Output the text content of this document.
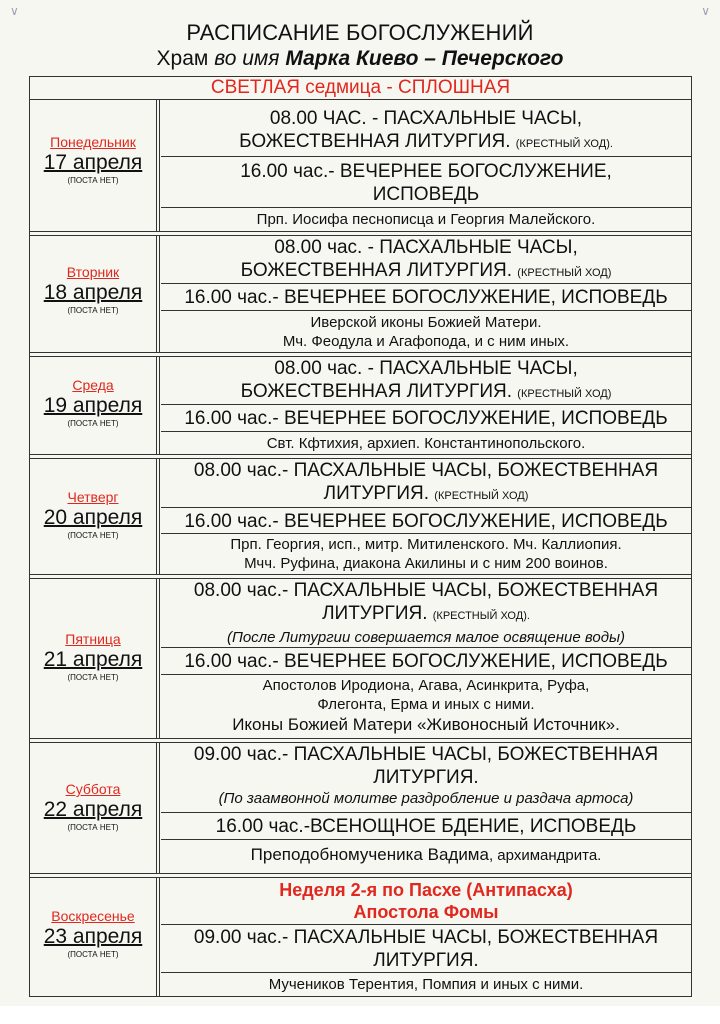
∨	∨
РАСПИСАНИЕ БОГОСЛУЖЕНИЙ
Храм во имя Марка Киево – Печерского
СВЕТЛАЯ седмица - СПЛОШНАЯ
Понедельник
17 апреля
(ПОСТА НЕТ)
08.00 ЧАС. - ПАСХАЛЬНЫЕ ЧАСЫ,
БОЖЕСТВЕННАЯ ЛИТУРГИЯ. (КРЕСТНЫЙ ХОД).
16.00 час.- ВЕЧЕРНЕЕ БОГОСЛУЖЕНИЕ,
ИСПОВЕДЬ
Прп. Иосифа песнописца и Георгия Малейского.
Вторник
18 апреля
(ПОСТА НЕТ)
08.00 час. - ПАСХАЛЬНЫЕ ЧАСЫ,
БОЖЕСТВЕННАЯ ЛИТУРГИЯ. (КРЕСТНЫЙ ХОД)
16.00 час.- ВЕЧЕРНЕЕ БОГОСЛУЖЕНИЕ, ИСПОВЕДЬ
Иверской иконы Божией Матери.
Мч. Феодула и Агафопода, и с ним иных.
Среда
19 апреля
(ПОСТА НЕТ)
08.00 час. - ПАСХАЛЬНЫЕ ЧАСЫ,
БОЖЕСТВЕННАЯ ЛИТУРГИЯ. (КРЕСТНЫЙ ХОД)
16.00 час.- ВЕЧЕРНЕЕ БОГОСЛУЖЕНИЕ, ИСПОВЕДЬ
Свт. Кфтихия, архиеп. Константинопольского.
Четверг
20 апреля
(ПОСТА НЕТ)
08.00 час.- ПАСХАЛЬНЫЕ ЧАСЫ, БОЖЕСТВЕННАЯ
ЛИТУРГИЯ. (КРЕСТНЫЙ ХОД)
16.00 час.- ВЕЧЕРНЕЕ БОГОСЛУЖЕНИЕ, ИСПОВЕДЬ
Прп. Георгия, исп., митр. Митиленского. Мч. Каллиопия.
Мчч. Руфина, диакона Акилины и с ним 200 воинов.
Пятница
21 апреля
(ПОСТА НЕТ)
08.00 час.- ПАСХАЛЬНЫЕ ЧАСЫ, БОЖЕСТВЕННАЯ
ЛИТУРГИЯ. (КРЕСТНЫЙ ХОД).
(После Литургии совершается малое освящение воды)
16.00 час.- ВЕЧЕРНЕЕ БОГОСЛУЖЕНИЕ, ИСПОВЕДЬ
Апостолов Иродиона, Агава, Асинкрита, Руфа,
Флегонта, Ерма и иных с ними.
Иконы Божией Матери «Живоносный Источник».
Суббота
22 апреля
(ПОСТА НЕТ)
09.00 час.- ПАСХАЛЬНЫЕ ЧАСЫ, БОЖЕСТВЕННАЯ
ЛИТУРГИЯ.
(По заамвонной молитве раздробление и раздача артоса)
16.00 час.-ВСЕНОЩНОЕ БДЕНИЕ, ИСПОВЕДЬ
Преподобномученика Вадима, архимандрита.
Воскресенье
23 апреля
(ПОСТА НЕТ)
Неделя 2-я по Пасхе (Антипасха)
Апостола Фомы
09.00 час.- ПАСХАЛЬНЫЕ ЧАСЫ, БОЖЕСТВЕННАЯ
ЛИТУРГИЯ.
Мучеников Терентия, Помпия и иных с ними.
